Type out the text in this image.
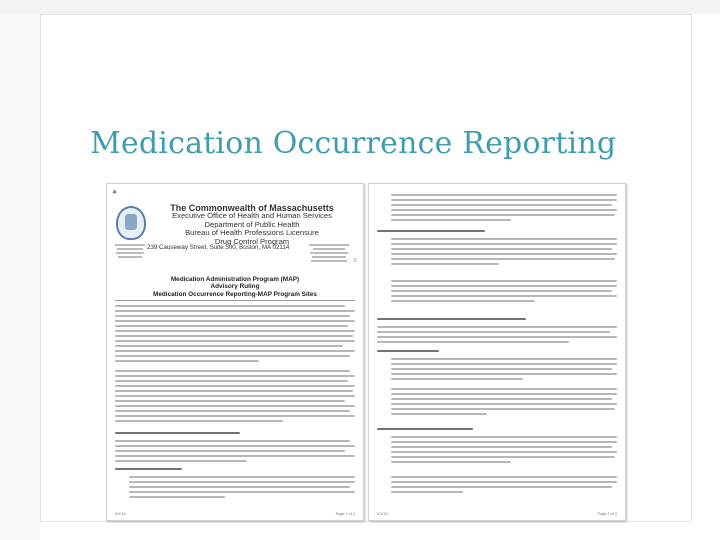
Medication Occurrence Reporting
✱
The Commonwealth of Massachusetts
Executive Office of Health and Human Services
Department of Public Health
Bureau of Health Professions Licensure
Drug Control Program
239 Causeway Street, Suite 500, Boston, MA 02114
©
Medication Administration Program (MAP)
Advisory Ruling
Medication Occurrence Reporting-MAP Program Sites
6/1/18	Page 1 of 3	6/1/18	Page 2 of 3
